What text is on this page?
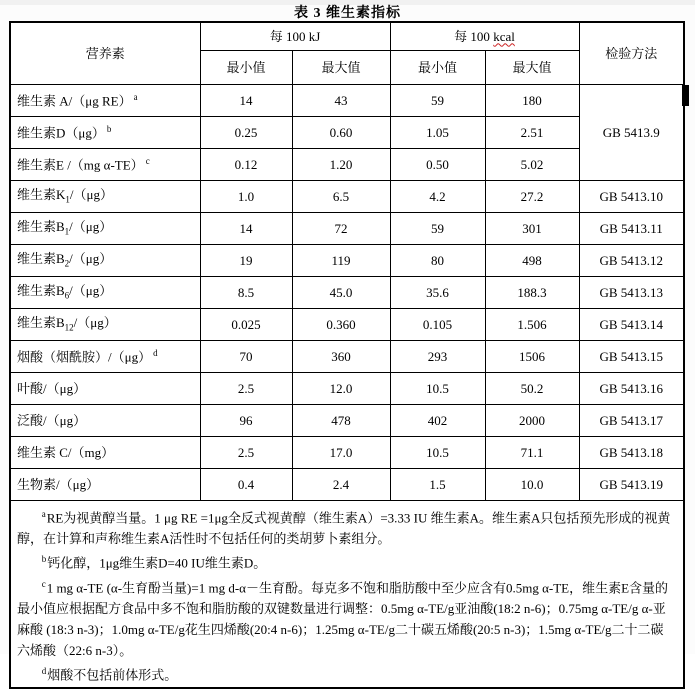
表 3 维生素指标
营养素	每 100 kJ		每 100 kcal		检验方法
	最小值	最大值	最小值	最大值	
维生素 A/（μg RE） $^a$	14	43	59	180	GB 5413.9
维生素D（μg） $^b$	0.25	0.60	1.05	2.51	
维生素E /（mg α-TE） $^c$	0.12	1.20	0.50	5.02	
维生素$K_1/(\mu g)$	1.0	6.5	4.2	27.2	GB 5413.10
维生素$B_1/(\mu g)$	14	72	59	301	GB 5413.11
维生素$B_2/(\mu g)$	19	119	80	498	GB 5413.12
维生素$B_6/(\mu g)$	8.5	45.0	35.6	188.3	GB 5413.13
维生素$B_{12}/(\mu g)$	0.025	0.360	0.105	1.506	GB 5413.14
烟酸（烟酰胺）/（μg） $^d$	70	360	293	1506	GB 5413.15
叶酸/（μg）	2.5	12.0	10.5	50.2	GB 5413.16
泛酸/（μg）	96	478	402	2000	GB 5413.17
维生素 C/（mg）	2.5	17.0	10.5	71.1	GB 5413.18
生物素/（μg）	0.4	2.4	1.5	10.0	GB 5413.19

$^a$RE为视黄醇当量。1 μg RE =1μg全反式视黄醇（维生素A）=3.33 IU 维生素A。维生素A只包括预先形成的视黄醇，在计算和声称维生素A活性时不包括任何的类胡萝卜素组分。

$^b$钙化醇，1μg维生素D=40 IU维生素D。

$^c$1 mg α-TE (α-生育酚当量)=1 mg d-α－生育酚。每克多不饱和脂肪酸中至少应含有0.5mg α-TE，维生素E含量的最小值应根据配方食品中多不饱和脂肪酸的双键数量进行调整：0.5mg α-TE/g亚油酸(18:2 n-6)；0.75mg α-TE/g α-亚麻酸 (18:3 n-3)；1.0mg α-TE/g花生四烯酸(20:4 n-6)；1.25mg α-TE/g二十碳五烯酸(20:5 n-3)；1.5mg α-TE/g二十二碳六烯酸（22:6 n-3）。

$^d$烟酸不包括前体形式。					
